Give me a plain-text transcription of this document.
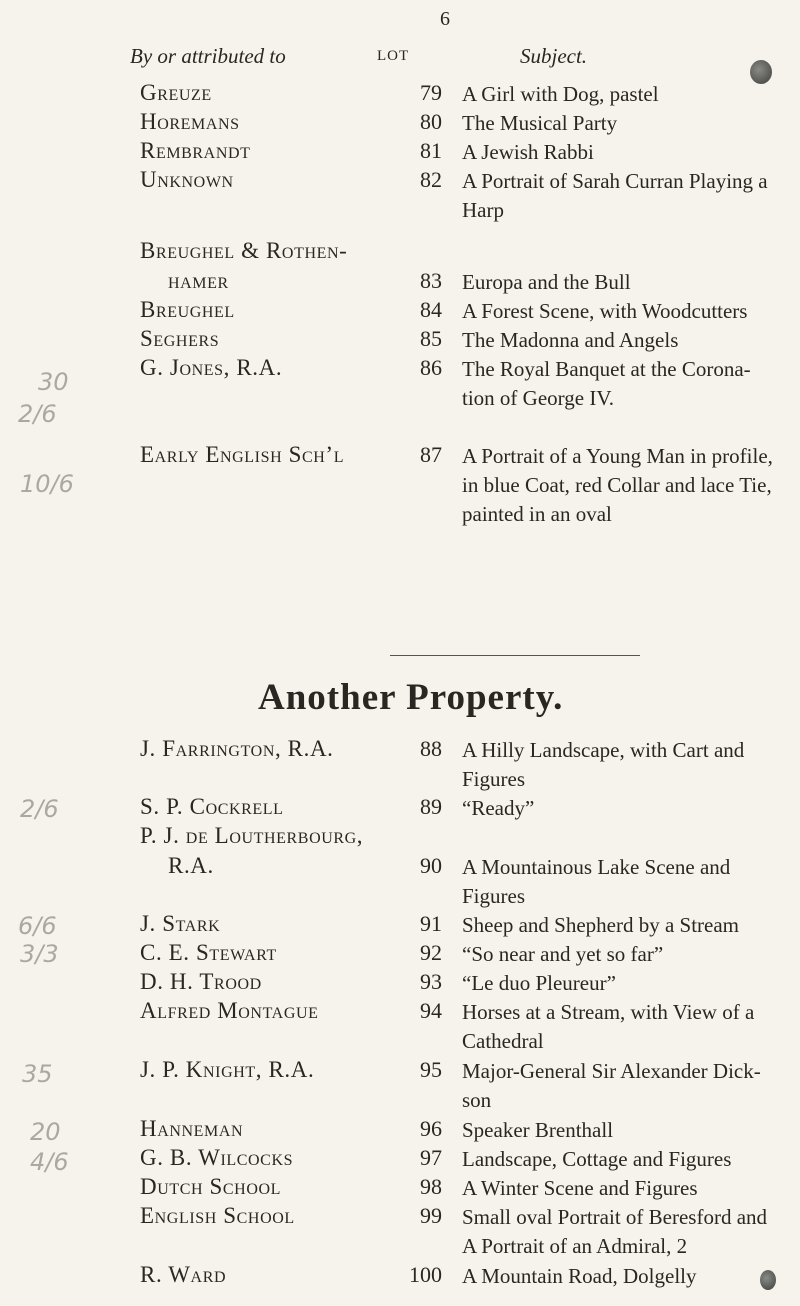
6
By or attributed to	LOT	Subject.
Greuze	79 A Girl with Dog, pastel
Horemans	80 The Musical Party
Rembrandt	81 A Jewish Rabbi
Unknown	82 A Portrait of Sarah Curran Playing a Harp
Breughel & Rothen-
hamer	83 Europa and the Bull
Breughel	84 A Forest Scene, with Woodcutters
Seghers	85 The Madonna and Angels
G. Jones, R.A.	86 The Royal Banquet at the Corona-tion of George IV.
Early English Sch’l	87 A Portrait of a Young Man in profile, in blue Coat, red Collar and lace Tie, painted in an oval
Another Property.
J. Farrington, R.A.	88 A Hilly Landscape, with Cart and Figures
S. P. Cockrell	89 “Ready”
P. J. de Loutherbourg,
R.A.	90 A Mountainous Lake Scene and Figures
J. Stark	91 Sheep and Shepherd by a Stream
C. E. Stewart	92 “So near and yet so far”
D. H. Trood	93 “Le duo Pleureur”
Alfred Montague	94 Horses at a Stream, with View of a Cathedral
J. P. Knight, R.A.	95 Major-General Sir Alexander Dick-son
Hanneman	96 Speaker Brenthall
G. B. Wilcocks	97 Landscape, Cottage and Figures
Dutch School	98 A Winter Scene and Figures
English School	99 Small oval Portrait of Beresford and A Portrait of an Admiral, 2
R. Ward	100 A Mountain Road, Dolgelly
2/6
30
10/6
2/6
6/6
3/3
35
20
4/6
